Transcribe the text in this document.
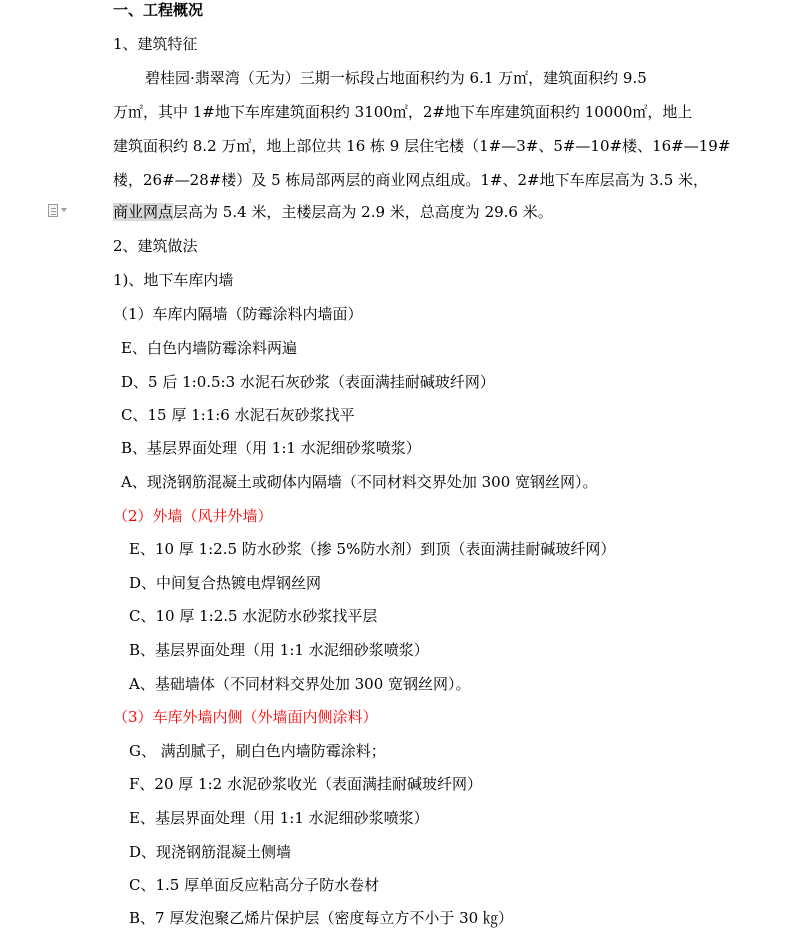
一、工程概况
1、建筑特征
碧桂园·翡翠湾（无为）三期一标段占地面积约为 6.1 万㎡，建筑面积约 9.5
万㎡，其中 1#地下车库建筑面积约 3100㎡，2#地下车库建筑面积约 10000㎡，地上
建筑面积约 8.2 万㎡，地上部位共 16 栋 9 层住宅楼（1#—3#、5#—10#楼、16#—19#
楼，26#—28#楼）及 5 栋局部两层的商业网点组成。1#、2#地下车库层高为 3.5 米，
商业网点层高为 5.4 米，主楼层高为 2.9 米，总高度为 29.6 米。
2、建筑做法
1)、地下车库内墙
（1）车库内隔墙（防霉涂料内墙面）
E、白色内墙防霉涂料两遍
D、5 后 1:0.5:3 水泥石灰砂浆（表面满挂耐碱玻纤网）
C、15 厚 1:1:6 水泥石灰砂浆找平
B、基层界面处理（用 1:1 水泥细砂浆喷浆）
A、现浇钢筋混凝土或砌体内隔墙（不同材料交界处加 300 宽钢丝网）。
（2）外墙（风井外墙）
E、10 厚 1:2.5 防水砂浆（掺 5%防水剂）到顶（表面满挂耐碱玻纤网）
D、中间复合热镀电焊钢丝网
C、10 厚 1:2.5 水泥防水砂浆找平层
B、基层界面处理（用 1:1 水泥细砂浆喷浆）
A、基础墙体（不同材料交界处加 300 宽钢丝网）。
（3）车库外墙内侧（外墙面内侧涂料）
G、 满刮腻子，刷白色内墙防霉涂料；
F、20 厚 1:2 水泥砂浆收光（表面满挂耐碱玻纤网）
E、基层界面处理（用 1:1 水泥细砂浆喷浆）
D、现浇钢筋混凝土侧墙
C、1.5 厚单面反应粘高分子防水卷材
B、7 厚发泡聚乙烯片保护层（密度每立方不小于 30 ㎏）
